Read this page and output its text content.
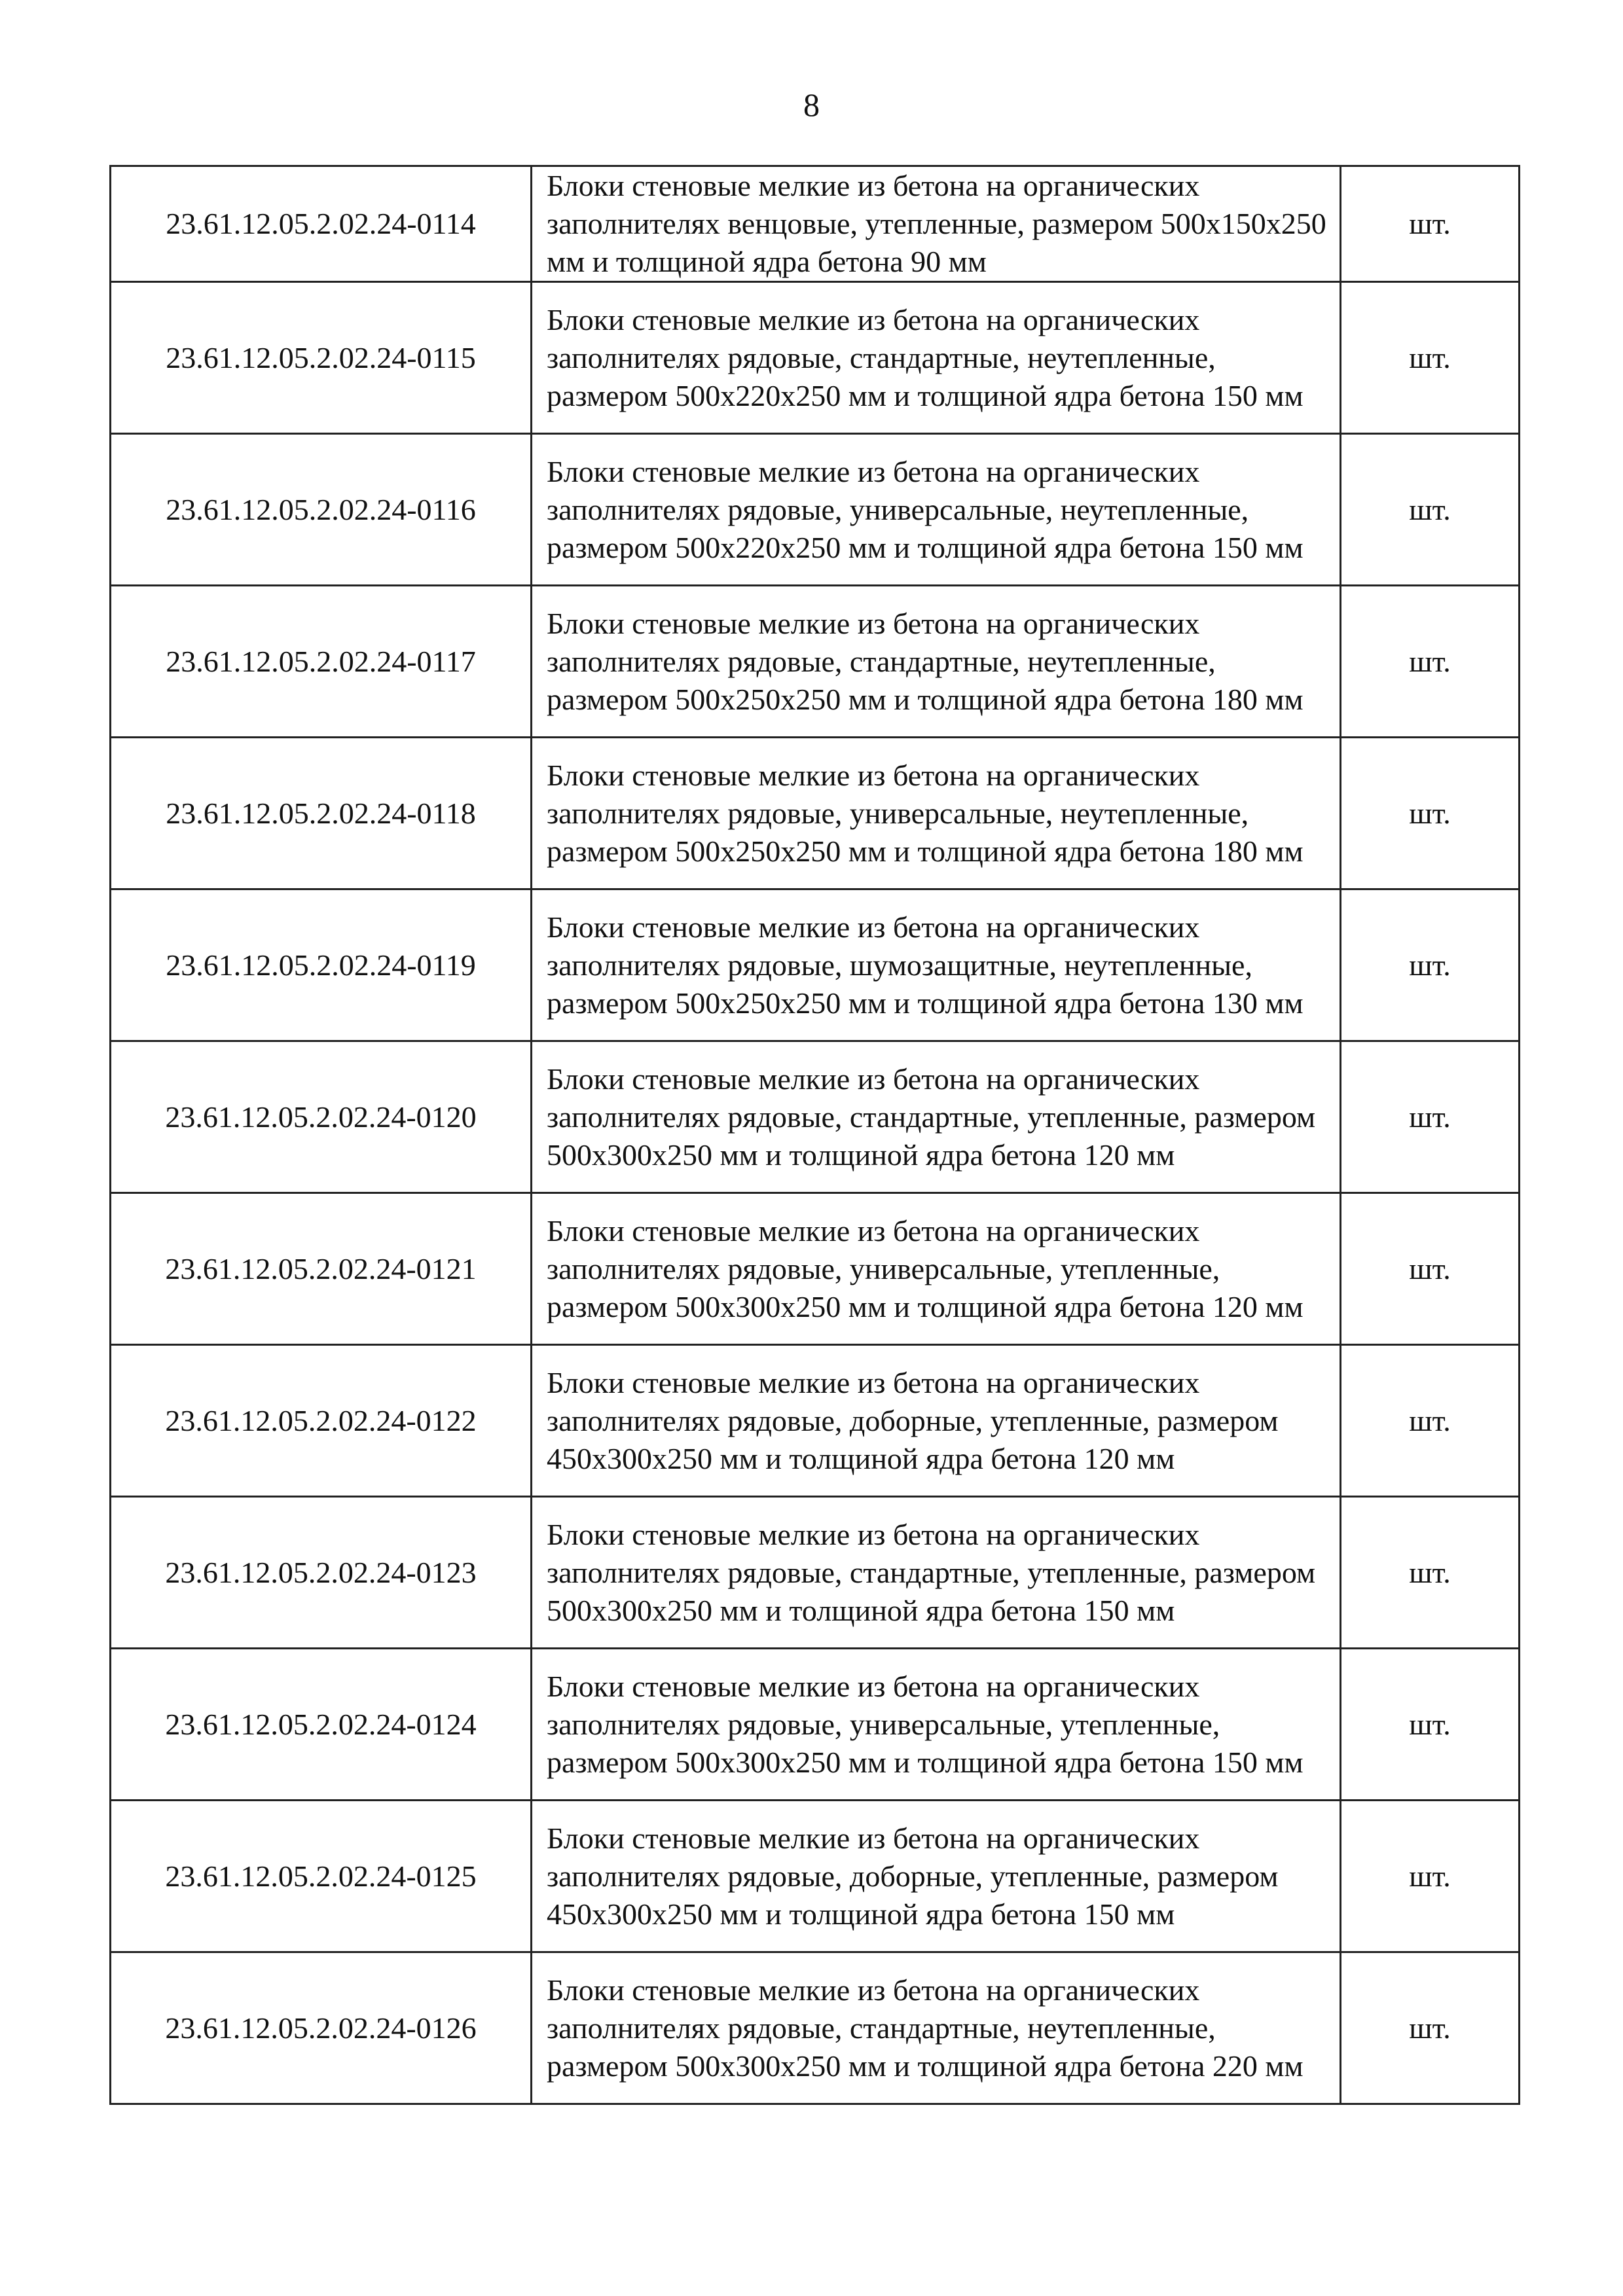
8
23.61.12.05.2.02.24-0114	Блоки стеновые мелкие из бетона на органических заполнителях венцовые, утепленные, размером 500x150x250 мм и толщиной ядра бетона 90 мм	шт.
23.61.12.05.2.02.24-0115	Блоки стеновые мелкие из бетона на органических заполнителях рядовые, стандартные, неутепленные, размером 500x220x250 мм и толщиной ядра бетона 150 мм	шт.
23.61.12.05.2.02.24-0116	Блоки стеновые мелкие из бетона на органических заполнителях рядовые, универсальные, неутепленные, размером 500x220x250 мм и толщиной ядра бетона 150 мм	шт.
23.61.12.05.2.02.24-0117	Блоки стеновые мелкие из бетона на органических заполнителях рядовые, стандартные, неутепленные, размером 500x250x250 мм и толщиной ядра бетона 180 мм	шт.
23.61.12.05.2.02.24-0118	Блоки стеновые мелкие из бетона на органических заполнителях рядовые, универсальные, неутепленные, размером 500x250x250 мм и толщиной ядра бетона 180 мм	шт.
23.61.12.05.2.02.24-0119	Блоки стеновые мелкие из бетона на органических заполнителях рядовые, шумозащитные, неутепленные, размером 500x250x250 мм и толщиной ядра бетона 130 мм	шт.
23.61.12.05.2.02.24-0120	Блоки стеновые мелкие из бетона на органических заполнителях рядовые, стандартные, утепленные, размером 500x300x250 мм и толщиной ядра бетона 120 мм	шт.
23.61.12.05.2.02.24-0121	Блоки стеновые мелкие из бетона на органических заполнителях рядовые, универсальные, утепленные, размером 500x300x250 мм и толщиной ядра бетона 120 мм	шт.
23.61.12.05.2.02.24-0122	Блоки стеновые мелкие из бетона на органических заполнителях рядовые, доборные, утепленные, размером 450x300x250 мм и толщиной ядра бетона 120 мм	шт.
23.61.12.05.2.02.24-0123	Блоки стеновые мелкие из бетона на органических заполнителях рядовые, стандартные, утепленные, размером 500x300x250 мм и толщиной ядра бетона 150 мм	шт.
23.61.12.05.2.02.24-0124	Блоки стеновые мелкие из бетона на органических заполнителях рядовые, универсальные, утепленные, размером 500x300x250 мм и толщиной ядра бетона 150 мм	шт.
23.61.12.05.2.02.24-0125	Блоки стеновые мелкие из бетона на органических заполнителях рядовые, доборные, утепленные, размером 450x300x250 мм и толщиной ядра бетона 150 мм	шт.
23.61.12.05.2.02.24-0126	Блоки стеновые мелкие из бетона на органических заполнителях рядовые, стандартные, неутепленные, размером 500x300x250 мм и толщиной ядра бетона 220 мм	шт.
